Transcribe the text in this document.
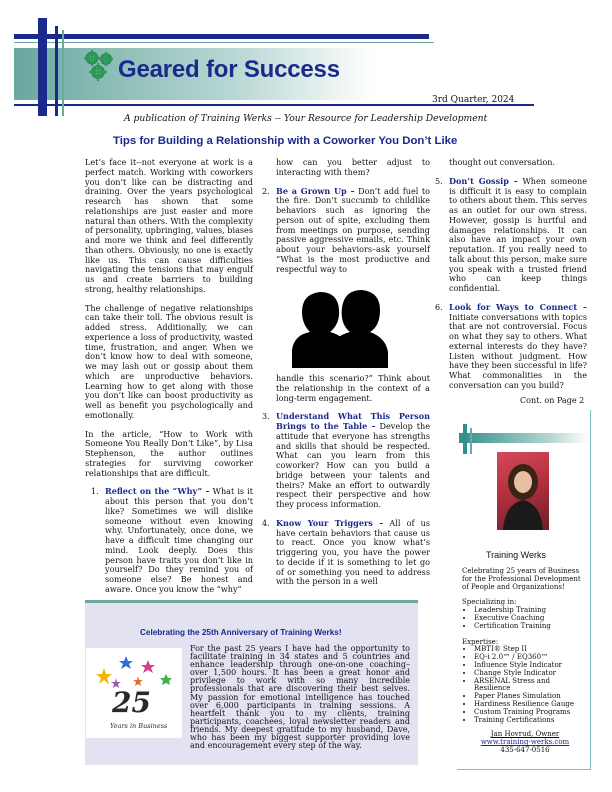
Geared for Success
3rd Quarter, 2024
A publication of Training Werks -- Your Resource for Leadership Development
Tips for Building a Relationship with a Coworker You Don’t Like

Let’s face it--not everyone at work is a perfect match. Working with coworkers you don’t like can be distracting and draining. Over the years psychological research has shown that some relationships are just easier and more natural than others. With the complexity of personality, upbringing, values, biases and more we think and feel differently than others. Obviously, no one is exactly like us. This can cause difficulties navigating the tensions that may engulf us and create barriers to building strong, healthy relationships.

The challenge of negative relationships can take their toll. The obvious result is added stress. Additionally, we can experience a loss of productivity, wasted time, frustration, and anger. When we don’t know how to deal with someone, we may lash out or gossip about them which are unproductive behaviors. Learning how to get along with those you don’t like can boost productivity as well as benefit you psychologically and emotionally.

In the article, “How to Work with Someone You Really Don’t Like”, by Lisa Stephenson, the author outlines strategies for surviving coworker relationships that are difficult.

1. Reflect on the “Why” – What is it about this person that you don’t like? Sometimes we will dislike someone without even knowing why. Unfortunately, once done, we have a difficult time changing our mind. Look deeply. Does this person have traits you don’t like in yourself? Do they remind you of someone else? Be honest and aware. Once you know the “why”
how can you better adjust to interacting with them?
2. Be a Grown Up – Don’t add fuel to the fire. Don’t succumb to childlike behaviors such as ignoring the person out of spite, excluding them from meetings on purpose, sending passive aggressive emails, etc. Think about your behaviors–ask yourself “What is the most productive and respectful way to
handle this scenario?” Think about the relationship in the context of a long-term engagement.
3. Understand What This Person Brings to the Table – Develop the attitude that everyone has strengths and skills that should be respected. What can you learn from this coworker? How can you build a bridge between your talents and theirs? Make an effort to outwardly respect their perspective and how they process information.
4. Know Your Triggers – All of us have certain behaviors that cause us to react. Once you know what’s triggering you, you have the power to decide if it is something to let go of or something you need to address with the person in a well
thought out conversation.
5. Don’t Gossip – When someone is difficult it is easy to complain to others about them. This serves as an outlet for our own stress. However, gossip is hurtful and damages relationships. It can also have an impact your own reputation. If you really need to talk about this person, make sure you speak with a trusted friend who can keep things confidential.
6. Look for Ways to Connect – Initiate conversations with topics that are not controversial. Focus on what they say to others. What external interests do they have? Listen without judgment. How have they been successful in life? What commonalities in the conversation can you build?
Cont. on Page 2
Training Werks
Celebrating 25 years of Business for the Professional Development of People and Organizations!
Specializing in:
• Leadership Training
• Executive Coaching
• Certification Training
Expertise:
• MBTI® Step II
• EQ-i 2.0™ / EQ360™
• Influence Style Indicator
• Change Style Indicator
• ARSENAL Stress and Resilience
• Paper Planes Simulation
• Hardiness Resilience Gauge
• Custom Training Programs
• Training Certifications
Jan Hovrud, Owner
www.training-werks.com
435-647-0516
Celebrating the 25th Anniversary of Training Werks!
25
Years in Business
For the past 25 years I have had the opportunity to facilitate training in 34 states and 5 countries and enhance leadership through one-on-one coaching–over 1,500 hours. It has been a great honor and privilege to work with so many incredible professionals that are discovering their best selves. My passion for emotional intelligence has touched over 6,000 participants in training sessions. A heartfelt thank you to my clients, training participants, coachees, loyal newsletter readers and friends. My deepest gratitude to my husband, Dave, who has been my biggest supporter providing love and encouragement every step of the way.
